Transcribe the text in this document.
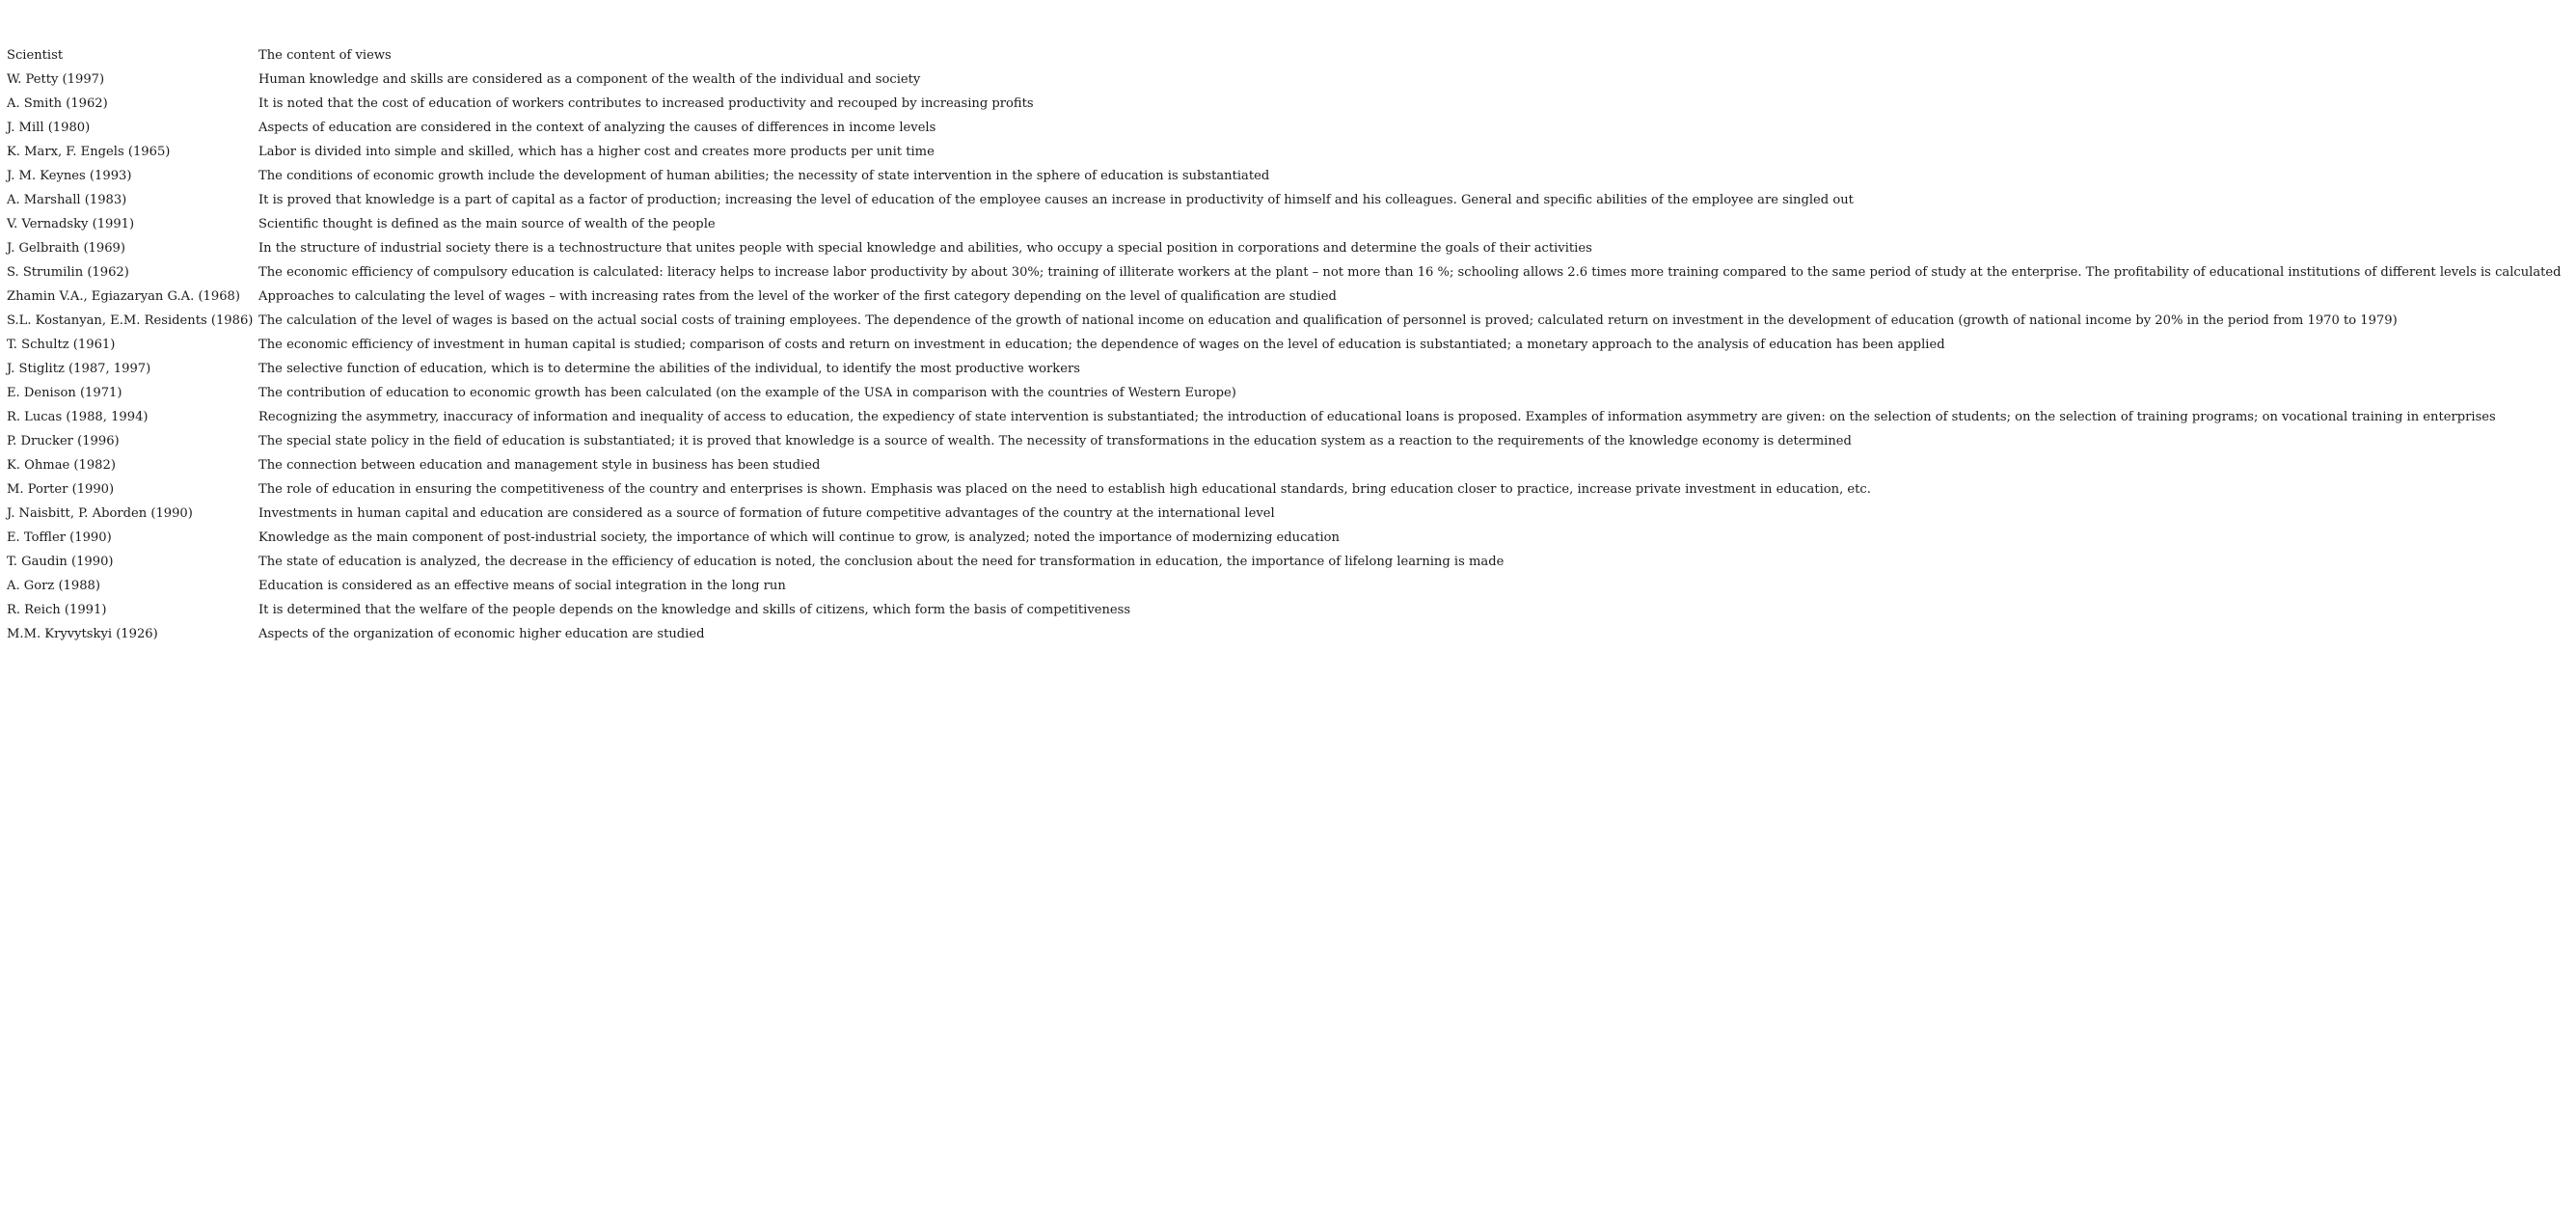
Scientist	The content of views
W. Petty (1997)	Human knowledge and skills are considered as a component of the wealth of the individual and society
A. Smith (1962)	It is noted that the cost of education of workers contributes to increased productivity and recouped by increasing profits
J. Mill (1980)	Aspects of education are considered in the context of analyzing the causes of differences in income levels
K. Marx, F. Engels (1965)	Labor is divided into simple and skilled, which has a higher cost and creates more products per unit time
J. M. Keynes (1993)	The conditions of economic growth include the development of human abilities; the necessity of state intervention in the sphere of education is substantiated
A. Marshall (1983)	It is proved that knowledge is a part of capital as a factor of production; increasing the level of education of the employee causes an increase in productivity of himself and his colleagues. General and specific abilities of the employee are singled out
V. Vernadsky (1991)	Scientific thought is defined as the main source of wealth of the people
J. Gelbraith (1969)	In the structure of industrial society there is a technostructure that unites people with special knowledge and abilities, who occupy a special position in corporations and determine the goals of their activities
S. Strumilin (1962)	The economic efficiency of compulsory education is calculated: literacy helps to increase labor productivity by about 30%; training of illiterate workers at the plant – not more than 16 %; schooling allows 2.6 times more training compared to the same period of study at the enterprise. The profitability of educational institutions of different levels is calculated
Zhamin V.A., Egiazaryan G.A. (1968)	Approaches to calculating the level of wages – with increasing rates from the level of the worker of the first category depending on the level of qualification are studied
S.L. Kostanyan, E.M. Residents (1986)	The calculation of the level of wages is based on the actual social costs of training employees. The dependence of the growth of national income on education and qualification of personnel is proved; calculated return on investment in the development of education (growth of national income by 20% in the period from 1970 to 1979)
T. Schultz (1961)	The economic efficiency of investment in human capital is studied; comparison of costs and return on investment in education; the dependence of wages on the level of education is substantiated; a monetary approach to the analysis of education has been applied
J. Stiglitz (1987, 1997)	The selective function of education, which is to determine the abilities of the individual, to identify the most productive workers
E. Denison (1971)	The contribution of education to economic growth has been calculated (on the example of the USA in comparison with the countries of Western Europe)
R. Lucas (1988, 1994)	Recognizing the asymmetry, inaccuracy of information and inequality of access to education, the expediency of state intervention is substantiated; the introduction of educational loans is proposed. Examples of information asymmetry are given: on the selection of students; on the selection of training programs; on vocational training in enterprises
P. Drucker (1996)	The special state policy in the field of education is substantiated; it is proved that knowledge is a source of wealth. The necessity of transformations in the education system as a reaction to the requirements of the knowledge economy is determined
K. Ohmae (1982)	The connection between education and management style in business has been studied
M. Porter (1990)	The role of education in ensuring the competitiveness of the country and enterprises is shown. Emphasis was placed on the need to establish high educational standards, bring education closer to practice, increase private investment in education, etc.
J. Naisbitt, P. Aborden (1990)	Investments in human capital and education are considered as a source of formation of future competitive advantages of the country at the international level
E. Toffler (1990)	Knowledge as the main component of post-industrial society, the importance of which will continue to grow, is analyzed; noted the importance of modernizing education
T. Gaudin (1990)	The state of education is analyzed, the decrease in the efficiency of education is noted, the conclusion about the need for transformation in education, the importance of lifelong learning is made
A. Gorz (1988)	Education is considered as an effective means of social integration in the long run
R. Reich (1991)	It is determined that the welfare of the people depends on the knowledge and skills of citizens, which form the basis of competitiveness
M.M. Kryvytskyi (1926)	Aspects of the organization of economic higher education are studied
